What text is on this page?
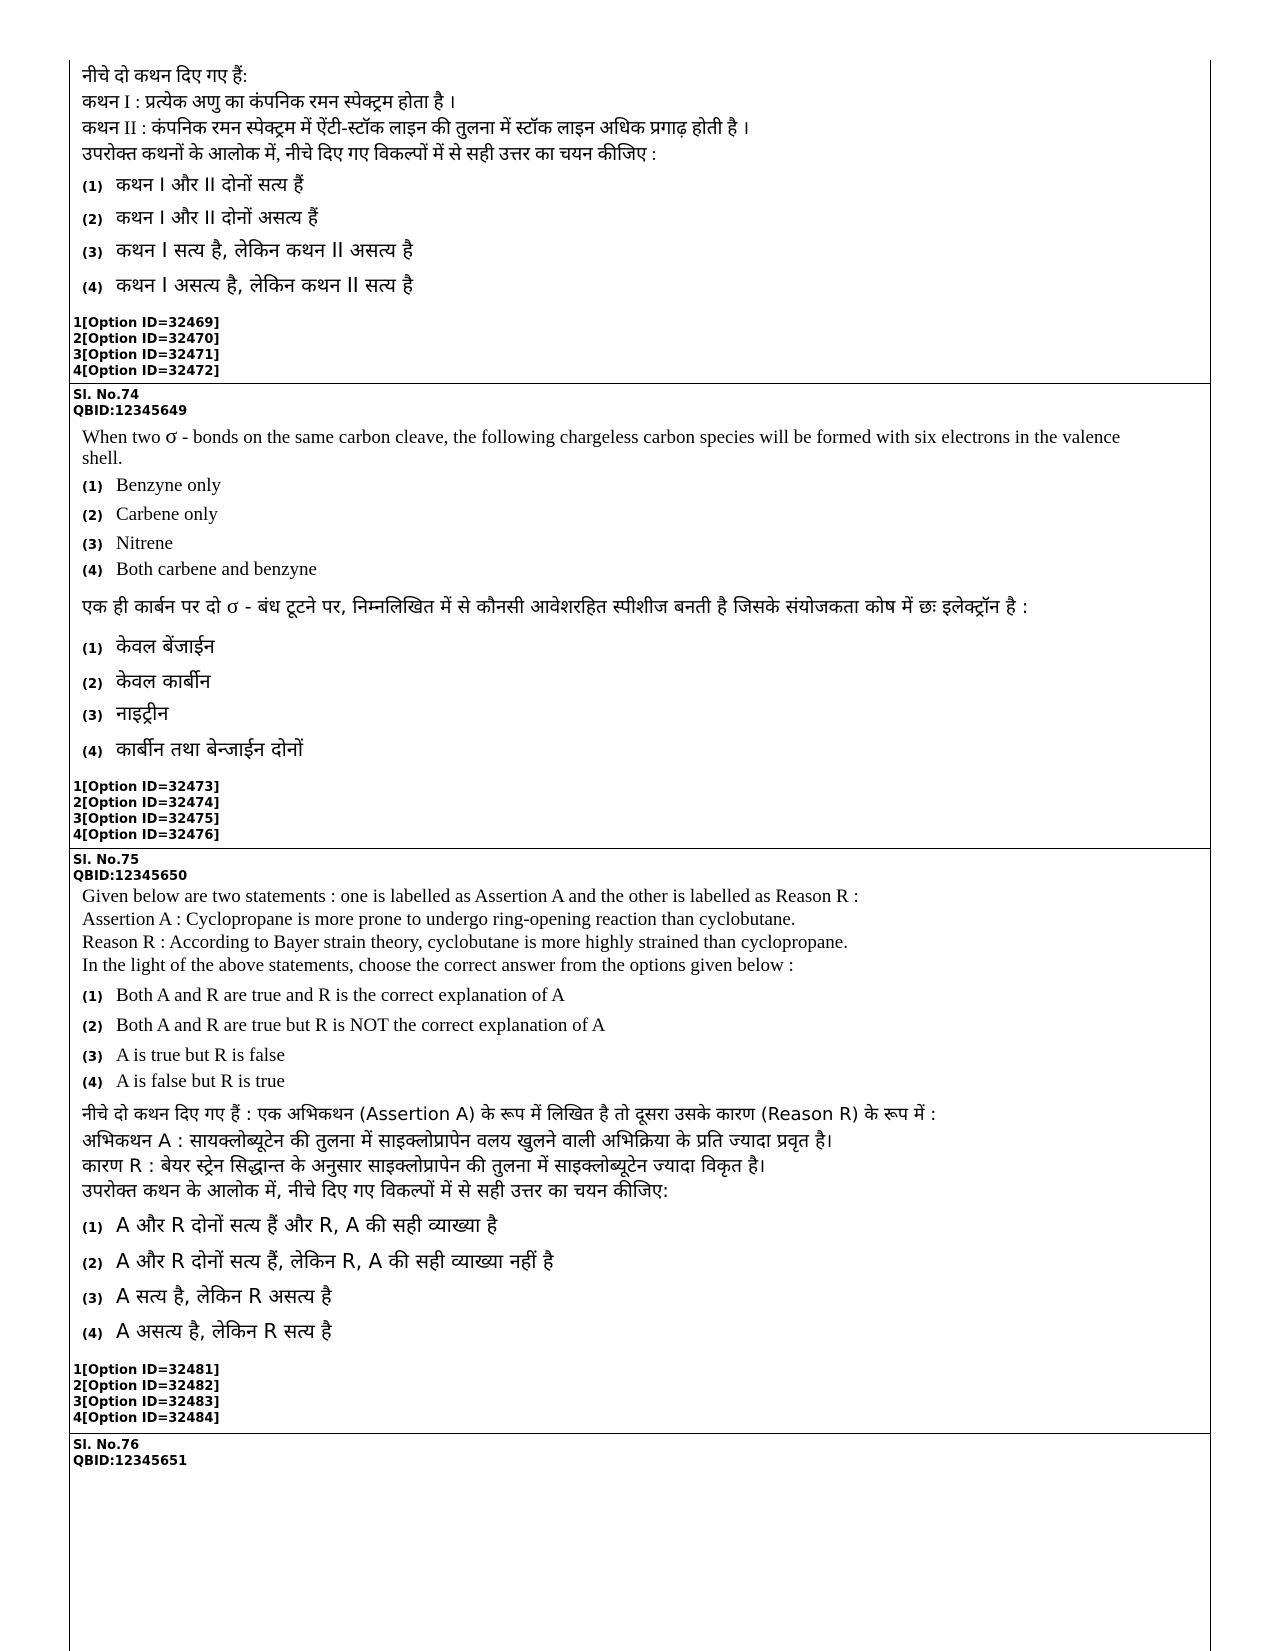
नीचे दो कथन दिए गए हैं:
कथन I : प्रत्येक अणु का कंपनिक रमन स्पेक्ट्रम होता है ।
कथन II : कंपनिक रमन स्पेक्ट्रम में ऐंटी-स्टॉक लाइन की तुलना में स्टॉक लाइन अधिक प्रगाढ़ होती है ।
उपरोक्त कथनों के आलोक में, नीचे दिए गए विकल्पों में से सही उत्तर का चयन कीजिए :
(1) कथन I और II दोनों सत्य हैं
(2) कथन I और II दोनों असत्य हैं
(3) कथन I सत्य है, लेकिन कथन II असत्य है
(4) कथन I असत्य है, लेकिन कथन II सत्य है
1[Option ID=32469]
2[Option ID=32470]
3[Option ID=32471]
4[Option ID=32472]
Sl. No.74
QBID:12345649
When two σ - bonds on the same carbon cleave, the following chargeless carbon species will be formed with six electrons in the valence
shell.
(1) Benzyne only
(2) Carbene only
(3) Nitrene
(4) Both carbene and benzyne
एक ही कार्बन पर दो σ - बंध टूटने पर, निम्नलिखित में से कौनसी आवेशरहित स्पीशीज बनती है जिसके संयोजकता कोष में छः इलेक्ट्रॉन है :
(1) केवल बेंजाईन
(2) केवल कार्बीन
(3) नाइट्रीन
(4) कार्बीन तथा बेन्जाईन दोनों
1[Option ID=32473]
2[Option ID=32474]
3[Option ID=32475]
4[Option ID=32476]
Sl. No.75
QBID:12345650
Given below are two statements : one is labelled as Assertion A and the other is labelled as Reason R :
Assertion A : Cyclopropane is more prone to undergo ring-opening reaction than cyclobutane.
Reason R : According to Bayer strain theory, cyclobutane is more highly strained than cyclopropane.
In the light of the above statements, choose the correct answer from the options given below :
(1) Both A and R are true and R is the correct explanation of A
(2) Both A and R are true but R is NOT the correct explanation of A
(3) A is true but R is false
(4) A is false but R is true
नीचे दो कथन दिए गए हैं : एक अभिकथन (Assertion A) के रूप में लिखित है तो दूसरा उसके कारण (Reason R) के रूप में :
अभिकथन A : सायक्लोब्यूटेन की तुलना में साइक्लोप्रापेन वलय खुलने वाली अभिक्रिया के प्रति ज्यादा प्रवृत है।
कारण R : बेयर स्ट्रेन सिद्धान्त के अनुसार साइक्लोप्रापेन की तुलना में साइक्लोब्यूटेन ज्यादा विकृत है।
उपरोक्त कथन के आलोक में, नीचे दिए गए विकल्पों में से सही उत्तर का चयन कीजिए:
(1) A और R दोनों सत्य हैं और R, A की सही व्याख्या है
(2) A और R दोनों सत्य हैं, लेकिन R, A की सही व्याख्या नहीं है
(3) A सत्य है, लेकिन R असत्य है
(4) A असत्य है, लेकिन R सत्य है
1[Option ID=32481]
2[Option ID=32482]
3[Option ID=32483]
4[Option ID=32484]
Sl. No.76
QBID:12345651
